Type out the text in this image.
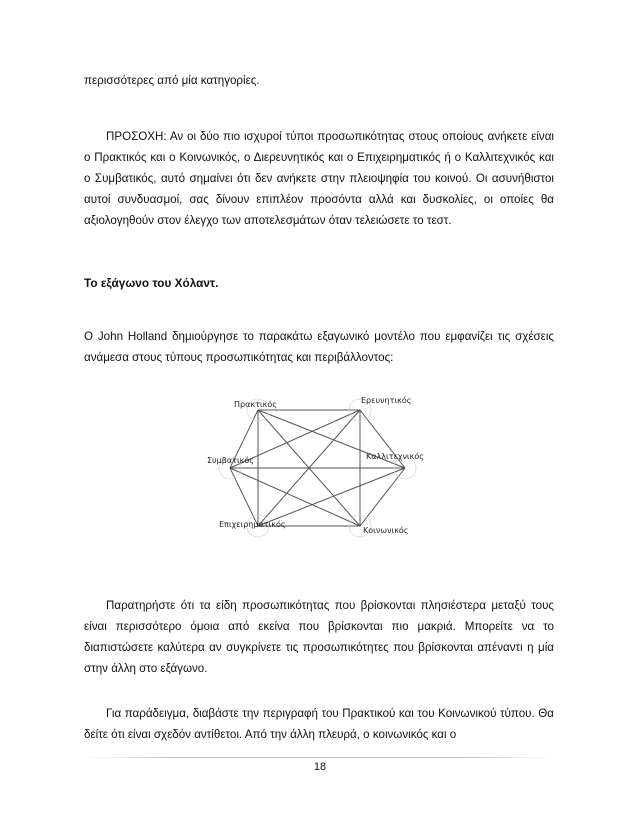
περισσότερες από μία κατηγορίες.

ΠΡΟΣΟΧΗ: Αν οι δύο πιο ισχυροί τύποι προσωπικότητας στους οποίους ανήκετε είναι ο Πρακτικός και ο Κοινωνικός, ο Διερευνητικός και ο Επιχειρηματικός ή ο Καλλιτεχνικός και ο Συμβατικός, αυτό σημαίνει ότι δεν ανήκετε στην πλειοψηφία του κοινού. Οι ασυνήθιστοι αυτοί συνδυασμοί, σας δίνουν επιπλέον προσόντα αλλά και δυσκολίες, οι οποίες θα αξιολογηθούν στον έλεγχο των αποτελεσμάτων όταν τελειώσετε το τεστ.

Το εξάγωνο του Χόλαντ.

Ο John Holland δημιούργησε το παρακάτω εξαγωνικό μοντέλο που εμφανίζει τις σχέσεις ανάμεσα στους τύπους προσωπικότητας και περιβάλλοντος:

Πρακτικός	Ερευνητικός
Συμβατικός	Καλλιτεχνικός
Επιχειρηματικός
Κοινωνικός

Παρατηρήστε ότι τα είδη προσωπικότητας που βρίσκονται πλησιέστερα μεταξύ τους είναι περισσότερο όμοια από εκείνα που βρίσκονται πιο μακριά. Μπορείτε να το διαπιστώσετε καλύτερα αν συγκρίνετε τις προσωπικότητες που βρίσκονται απέναντι η μία στην άλλη στο εξάγωνο.

Για παράδειγμα, διαβάστε την περιγραφή του Πρακτικού και του Κοινωνικού τύπου. Θα δείτε ότι είναι σχεδόν αντίθετοι. Από την άλλη πλευρά, ο κοινωνικός και ο

18
